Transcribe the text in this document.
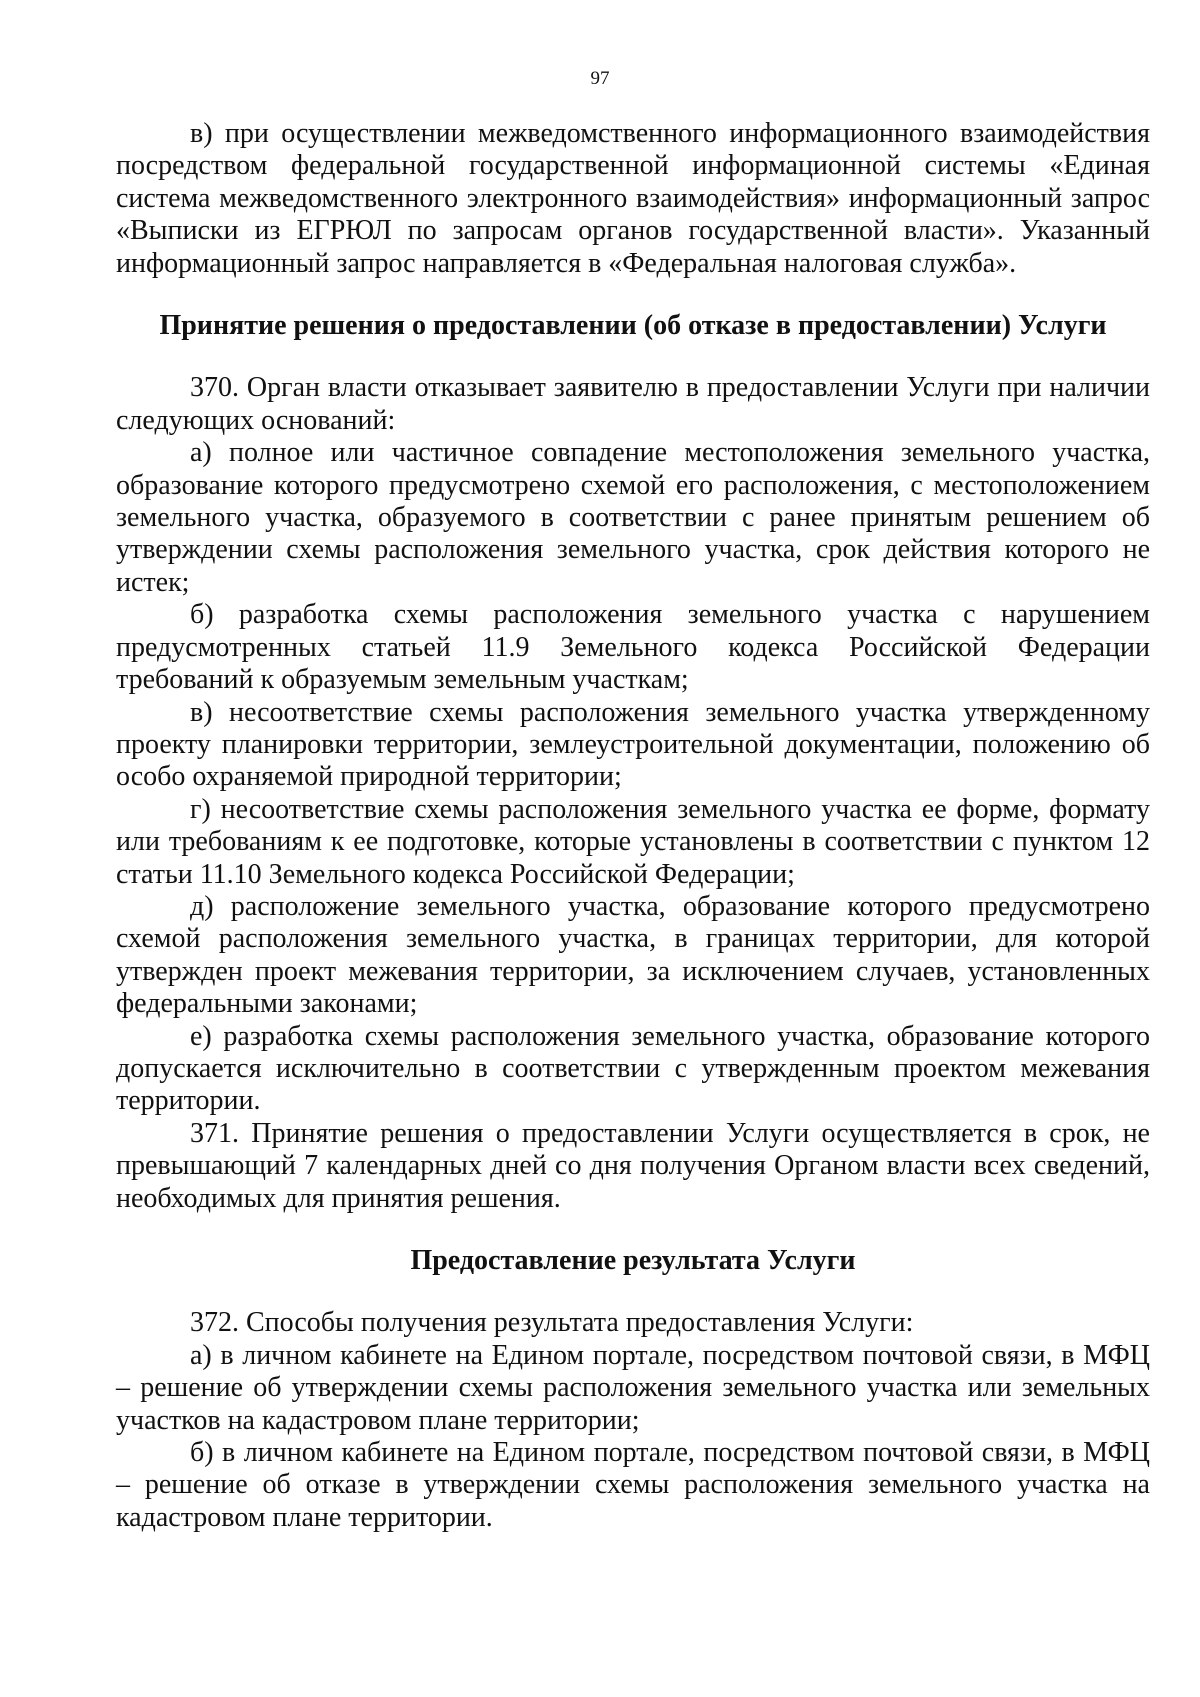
97

в) при осуществлении межведомственного информационного взаимодействия посредством федеральной государственной информационной системы «Единая система межведомственного электронного взаимодействия» информационный запрос «Выписки из ЕГРЮЛ по запросам органов государственной власти». Указанный информационный запрос направляется в «Федеральная налоговая служба».

Принятие решения о предоставлении (об отказе в предоставлении) Услуги

370. Орган власти отказывает заявителю в предоставлении Услуги при наличии следующих оснований:

а) полное или частичное совпадение местоположения земельного участка, образование которого предусмотрено схемой его расположения, с местоположением земельного участка, образуемого в соответствии с ранее принятым решением об утверждении схемы расположения земельного участка, срок действия которого не истек;

б) разработка схемы расположения земельного участка с нарушением предусмотренных статьей 11.9 Земельного кодекса Российской Федерации требований к образуемым земельным участкам;

в) несоответствие схемы расположения земельного участка утвержденному проекту планировки территории, землеустроительной документации, положению об особо охраняемой природной территории;

г) несоответствие схемы расположения земельного участка ее форме, формату или требованиям к ее подготовке, которые установлены в соответствии с пунктом 12 статьи 11.10 Земельного кодекса Российской Федерации;

д) расположение земельного участка, образование которого предусмотрено схемой расположения земельного участка, в границах территории, для которой утвержден проект межевания территории, за исключением случаев, установленных федеральными законами;

е) разработка схемы расположения земельного участка, образование которого допускается исключительно в соответствии с утвержденным проектом межевания территории.

371. Принятие решения о предоставлении Услуги осуществляется в срок, не превышающий 7 календарных дней со дня получения Органом власти всех сведений, необходимых для принятия решения.

Предоставление результата Услуги

372. Способы получения результата предоставления Услуги:

а) в личном кабинете на Едином портале, посредством почтовой связи, в МФЦ – решение об утверждении схемы расположения земельного участка или земельных участков на кадастровом плане территории;

б) в личном кабинете на Едином портале, посредством почтовой связи, в МФЦ – решение об отказе в утверждении схемы расположения земельного участка на кадастровом плане территории.
